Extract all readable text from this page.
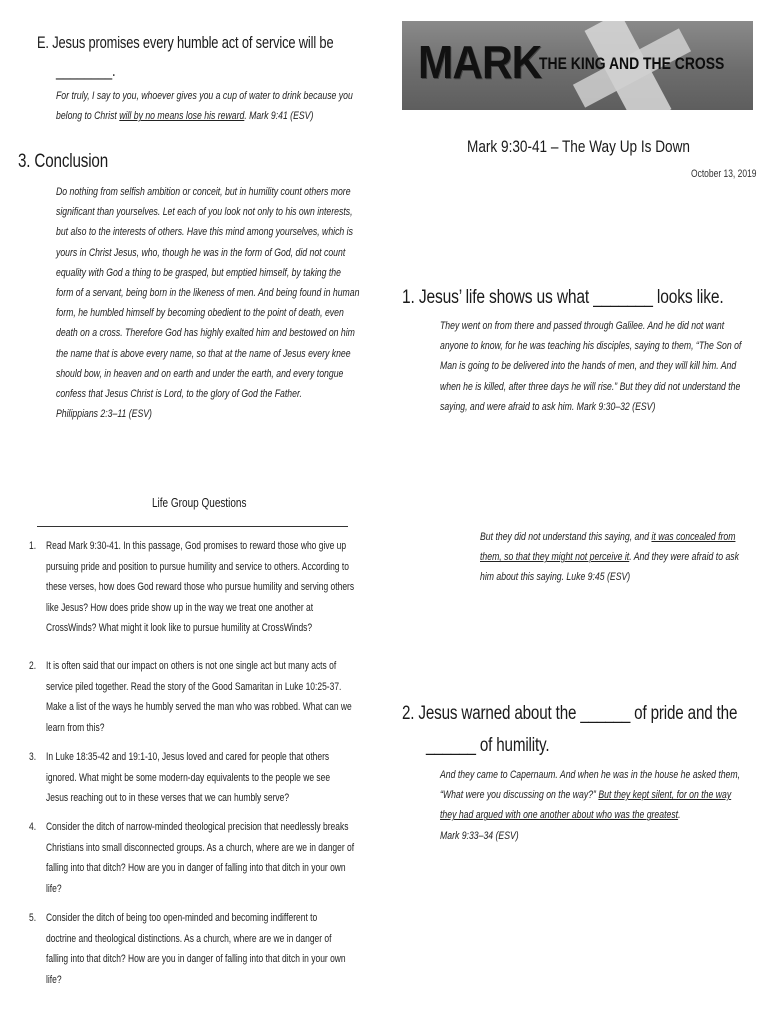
E. Jesus promises every humble act of service will be
________.
For truly, I say to you, whoever gives you a cup of water to drink because you
belong to Christ will by no means lose his reward. Mark 9:41 (ESV)
3. Conclusion
Do nothing from selfish ambition or conceit, but in humility count others more
significant than yourselves. Let each of you look not only to his own interests,
but also to the interests of others. Have this mind among yourselves, which is
yours in Christ Jesus, who, though he was in the form of God, did not count
equality with God a thing to be grasped, but emptied himself, by taking the
form of a servant, being born in the likeness of men. And being found in human
form, he humbled himself by becoming obedient to the point of death, even
death on a cross. Therefore God has highly exalted him and bestowed on him
the name that is above every name, so that at the name of Jesus every knee
should bow, in heaven and on earth and under the earth, and every tongue
confess that Jesus Christ is Lord, to the glory of God the Father.
Philippians 2:3–11 (ESV)

Life Group Questions
1. Read Mark 9:30-41. In this passage, God promises to reward those who give up
pursuing pride and position to pursue humility and service to others. According to
these verses, how does God reward those who pursue humility and serving others
like Jesus? How does pride show up in the way we treat one another at
CrossWinds? What might it look like to pursue humility at CrossWinds?

2. It is often said that our impact on others is not one single act but many acts of
service piled together. Read the story of the Good Samaritan in Luke 10:25-37.
Make a list of the ways he humbly served the man who was robbed. What can we
learn from this?

3. In Luke 18:35-42 and 19:1-10, Jesus loved and cared for people that others
ignored. What might be some modern-day equivalents to the people we see
Jesus reaching out to in these verses that we can humbly serve?

4. Consider the ditch of narrow-minded theological precision that needlessly breaks
Christians into small disconnected groups. As a church, where are we in danger of
falling into that ditch? How are you in danger of falling into that ditch in your own
life?

5. Consider the ditch of being too open-minded and becoming indifferent to
doctrine and theological distinctions. As a church, where are we in danger of
falling into that ditch? How are you in danger of falling into that ditch in your own
life?

MARK
THE KING AND THE CROSS
Mark 9:30-41 – The Way Up Is Down
October 13, 2019
1. Jesus’ life shows us what _______ looks like.
They went on from there and passed through Galilee. And he did not want
anyone to know, for he was teaching his disciples, saying to them, “The Son of
Man is going to be delivered into the hands of men, and they will kill him. And
when he is killed, after three days he will rise.” But they did not understand the
saying, and were afraid to ask him. Mark 9:30–32 (ESV)

But they did not understand this saying, and it was concealed from
them, so that they might not perceive it. And they were afraid to ask
him about this saying. Luke 9:45 (ESV)
2. Jesus warned about the ______ of pride and the
______ of humility.
And they came to Capernaum. And when he was in the house he asked them,
“What were you discussing on the way?” But they kept silent, for on the way
they had argued with one another about who was the greatest.
Mark 9:33–34 (ESV)
